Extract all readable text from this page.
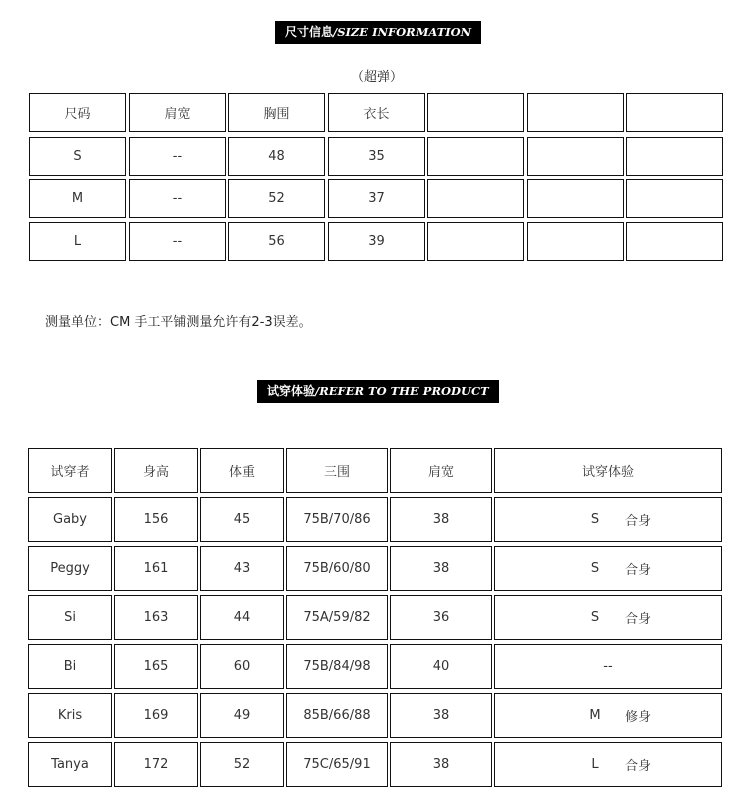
尺寸信息/SIZE INFORMATION
（超弹）
尺码	肩宽	胸围	衣长
S	--	48	35
M	--	52	37
L	--	56	39
测量单位：CM 手工平铺测量允许有2-3误差。
试穿体验/REFER TO THE PRODUCT
试穿者	身高	体重	三围	肩宽	试穿体验
Gaby	156	45	75B/70/86	38	S	合身
Peggy	161	43	75B/60/80	38	S	合身
Si	163	44	75A/59/82	36	S	合身
Bi	165	60	75B/84/98	40	--
Kris	169	49	85B/66/88	38	M	修身
Tanya	172	52	75C/65/91	38	L	合身
